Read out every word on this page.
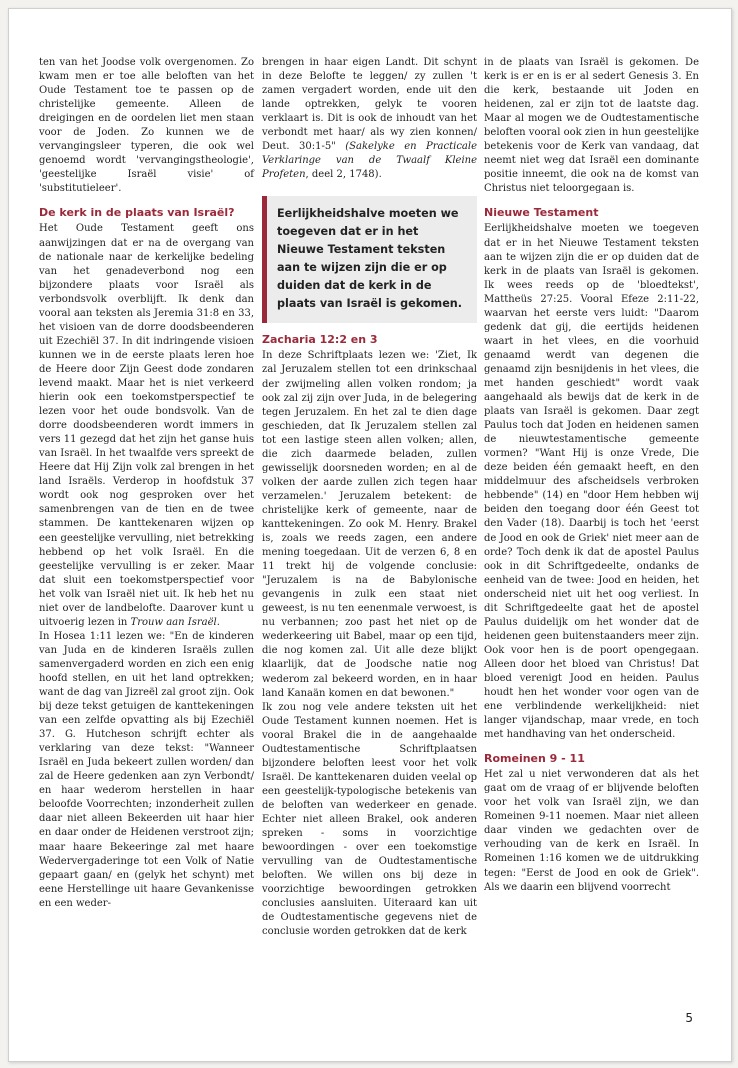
ten van het Joodse volk overgenomen. Zo kwam men er toe alle beloften van het Oude Testament toe te passen op de christelijke gemeente. Alleen de dreigingen en de oordelen liet men staan voor de Joden. Zo kunnen we de vervangingsleer typeren, die ook wel genoemd wordt 'vervangingstheologie', 'geestelijke Israël visie' of 'substitutieleer'.

De kerk in de plaats van Israël?

Het Oude Testament geeft ons aanwijzingen dat er na de overgang van de nationale naar de kerkelijke bedeling van het genadeverbond nog een bijzondere plaats voor Israël als verbondsvolk overblijft. Ik denk dan vooral aan teksten als Jeremia 31:8 en 33, het visioen van de dorre doodsbeenderen uit Ezechiël 37. In dit indringende visioen kunnen we in de eerste plaats leren hoe de Heere door Zijn Geest dode zondaren levend maakt. Maar het is niet verkeerd hierin ook een toekomstperspectief te lezen voor het oude bondsvolk. Van de dorre doodsbeenderen wordt immers in vers 11 gezegd dat het zijn het ganse huis van Israël. In het twaalfde vers spreekt de Heere dat Hij Zijn volk zal brengen in het land Israëls. Verderop in hoofdstuk 37 wordt ook nog gesproken over het samenbrengen van de tien en de twee stammen. De kanttekenaren wijzen op een geestelijke vervulling, niet betrekking hebbend op het volk Israël. En die geestelijke vervulling is er zeker. Maar dat sluit een toekomstperspectief voor het volk van Israël niet uit. Ik heb het nu niet over de landbelofte. Daarover kunt u uitvoerig lezen in Trouw aan Israël.

In Hosea 1:11 lezen we: "En de kinderen van Juda en de kinderen Israëls zullen samenvergaderd worden en zich een enig hoofd stellen, en uit het land optrekken; want de dag van Jizreël zal groot zijn. Ook bij deze tekst getuigen de kanttekeningen van een zelfde opvatting als bij Ezechiël 37. G. Hutcheson schrijft echter als verklaring van deze tekst: "Wanneer Israël en Juda bekeert zullen worden/ dan zal de Heere gedenken aan zyn Verbondt/ en haar wederom herstellen in haar beloofde Voorrechten; inzonderheit zullen daar niet alleen Bekeerden uit haar hier en daar onder de Heidenen verstroot zijn; maar haare Bekeeringe zal met haare Wedervergaderinge tot een Volk of Natie gepaart gaan/ en (gelyk het schynt) met eene Herstellinge uit haare Gevankenisse en een weder-

brengen in haar eigen Landt. Dit schynt in deze Belofte te leggen/ zy zullen 't zamen vergadert worden, ende uit den lande optrekken, gelyk te vooren verklaart is. Dit is ook de inhoudt van het verbondt met haar/ als wy zien konnen/ Deut. 30:1-5" (Sakelyke en Practicale Verklaringe van de Twaalf Kleine Profeten, deel 2, 1748).

Eerlijkheidshalve moeten we toegeven dat er in het Nieuwe Testament teksten aan te wijzen zijn die er op duiden dat de kerk in de plaats van Israël is gekomen.
Zacharia 12:2 en 3

In deze Schriftplaats lezen we: 'Ziet, Ik zal Jeruzalem stellen tot een drinkschaal der zwijmeling allen volken rondom; ja ook zal zij zijn over Juda, in de belegering tegen Jeruzalem. En het zal te dien dage geschieden, dat Ik Jeruzalem stellen zal tot een lastige steen allen volken; allen, die zich daarmede beladen, zullen gewisselijk doorsneden worden; en al de volken der aarde zullen zich tegen haar verzamelen.' Jeruzalem betekent: de christelijke kerk of gemeente, naar de kanttekeningen. Zo ook M. Henry. Brakel is, zoals we reeds zagen, een andere mening toegedaan. Uit de verzen 6, 8 en 11 trekt hij de volgende conclusie: "Jeruzalem is na de Babylonische gevangenis in zulk een staat niet geweest, is nu ten eenenmale verwoest, is nu verbannen; zoo past het niet op de wederkeering uit Babel, maar op een tijd, die nog komen zal. Uit alle deze blijkt klaarlijk, dat de Joodsche natie nog wederom zal bekeerd worden, en in haar land Kanaän komen en dat bewonen."

Ik zou nog vele andere teksten uit het Oude Testament kunnen noemen. Het is vooral Brakel die in de aangehaalde Oudtestamentische Schriftplaatsen bijzondere beloften leest voor het volk Israël. De kanttekenaren duiden veelal op een geestelijk-typologische betekenis van de beloften van wederkeer en genade. Echter niet alleen Brakel, ook anderen spreken - soms in voorzichtige bewoordingen - over een toekomstige vervulling van de Oudtestamentische beloften. We willen ons bij deze in voorzichtige bewoordingen getrokken conclusies aansluiten. Uiteraard kan uit de Oudtestamentische gegevens niet de conclusie worden getrokken dat de kerk

in de plaats van Israël is gekomen. De kerk is er en is er al sedert Genesis 3. En die kerk, bestaande uit Joden en heidenen, zal er zijn tot de laatste dag. Maar al mogen we de Oudtestamentische beloften vooral ook zien in hun geestelijke betekenis voor de Kerk van vandaag, dat neemt niet weg dat Israël een dominante positie inneemt, die ook na de komst van Christus niet teloorgegaan is.

Nieuwe Testament

Eerlijkheidshalve moeten we toegeven dat er in het Nieuwe Testament teksten aan te wijzen zijn die er op duiden dat de kerk in de plaats van Israël is gekomen. Ik wees reeds op de 'bloedtekst', Mattheüs 27:25. Vooral Efeze 2:11-22, waarvan het eerste vers luidt: "Daarom gedenk dat gij, die eertijds heidenen waart in het vlees, en die voorhuid genaamd werdt van degenen die genaamd zijn besnijdenis in het vlees, die met handen geschiedt" wordt vaak aangehaald als bewijs dat de kerk in de plaats van Israël is gekomen. Daar zegt Paulus toch dat Joden en heidenen samen de nieuwtestamentische gemeente vormen? "Want Hij is onze Vrede, Die deze beiden één gemaakt heeft, en den middelmuur des afscheidsels verbroken hebbende" (14) en "door Hem hebben wij beiden den toegang door één Geest tot den Vader (18). Daarbij is toch het 'eerst de Jood en ook de Griek' niet meer aan de orde? Toch denk ik dat de apostel Paulus ook in dit Schriftgedeelte, ondanks de eenheid van de twee: Jood en heiden, het onderscheid niet uit het oog verliest. In dit Schriftgedeelte gaat het de apostel Paulus duidelijk om het wonder dat de heidenen geen buitenstaanders meer zijn. Ook voor hen is de poort opengegaan. Alleen door het bloed van Christus! Dat bloed verenigt Jood en heiden. Paulus houdt hen het wonder voor ogen van de ene verblindende werkelijkheid: niet langer vijandschap, maar vrede, en toch met handhaving van het onderscheid.

Romeinen 9 - 11

Het zal u niet verwonderen dat als het gaat om de vraag of er blijvende beloften voor het volk van Israël zijn, we dan Romeinen 9-11 noemen. Maar niet alleen daar vinden we gedachten over de verhouding van de kerk en Israël. In Romeinen 1:16 komen we de uitdrukking tegen: "Eerst de Jood en ook de Griek". Als we daarin een blijvend voorrecht

5
